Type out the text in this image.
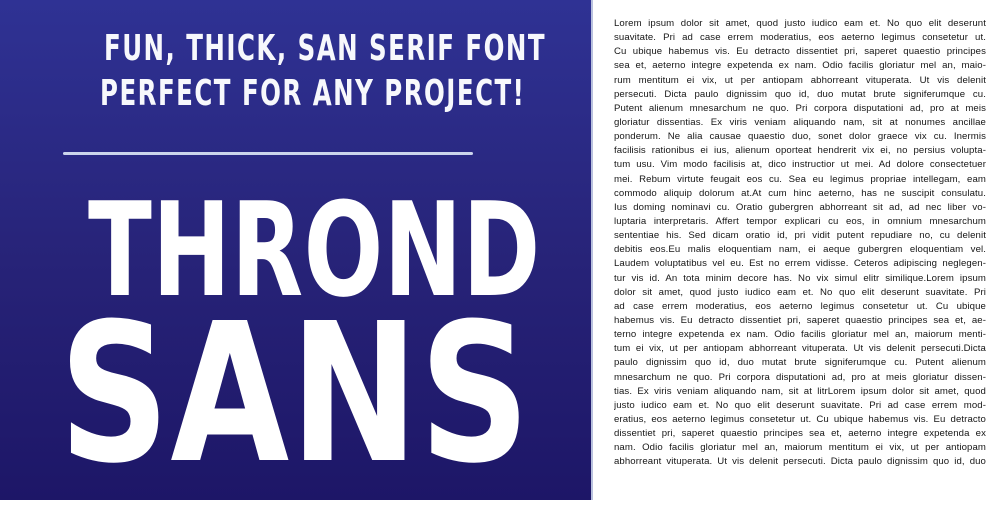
FUN, THICK, SAN SERIF FONT
PERFECT FOR ANY PROJECT!
THROND
SANS
Lorem ipsum dolor sit amet, quod justo iudico eam et. No quo elit deserunt
suavitate. Pri ad case errem moderatius, eos aeterno legimus consetetur ut.
Cu ubique habemus vis. Eu detracto dissentiet pri, saperet quaestio principes
sea et, aeterno integre expetenda ex nam. Odio facilis gloriatur mel an, maio-
rum mentitum ei vix, ut per antiopam abhorreant vituperata. Ut vis delenit
persecuti. Dicta paulo dignissim quo id, duo mutat brute signiferumque cu.
Putent alienum mnesarchum ne quo. Pri corpora disputationi ad, pro at meis
gloriatur dissentias. Ex viris veniam aliquando nam, sit at nonumes ancillae
ponderum. Ne alia causae quaestio duo, sonet dolor graece vix cu. Inermis
facilisis rationibus ei ius, alienum oporteat hendrerit vix ei, no persius volupta-
tum usu. Vim modo facilisis at, dico instructior ut mei. Ad dolore consectetuer
mei. Rebum virtute feugait eos cu. Sea eu legimus propriae intellegam, eam
commodo aliquip dolorum at.At cum hinc aeterno, has ne suscipit consulatu.
Ius doming nominavi cu. Oratio gubergren abhorreant sit ad, ad nec liber vo-
luptaria interpretaris. Affert tempor explicari cu eos, in omnium mnesarchum
sententiae his. Sed dicam oratio id, pri vidit putent repudiare no, cu delenit
debitis eos.Eu malis eloquentiam nam, ei aeque gubergren eloquentiam vel.
Laudem voluptatibus vel eu. Est no errem vidisse. Ceteros adipiscing neglegen-
tur vis id. An tota minim decore has. No vix simul elitr similique.Lorem ipsum
dolor sit amet, quod justo iudico eam et. No quo elit deserunt suavitate. Pri
ad case errem moderatius, eos aeterno legimus consetetur ut. Cu ubique
habemus vis. Eu detracto dissentiet pri, saperet quaestio principes sea et, ae-
terno integre expetenda ex nam. Odio facilis gloriatur mel an, maiorum menti-
tum ei vix, ut per antiopam abhorreant vituperata. Ut vis delenit persecuti.Dicta
paulo dignissim quo id, duo mutat brute signiferumque cu. Putent alienum
mnesarchum ne quo. Pri corpora disputationi ad, pro at meis gloriatur dissen-
tias. Ex viris veniam aliquando nam, sit at litrLorem ipsum dolor sit amet, quod
justo iudico eam et. No quo elit deserunt suavitate. Pri ad case errem mod-
eratius, eos aeterno legimus consetetur ut. Cu ubique habemus vis. Eu detracto
dissentiet pri, saperet quaestio principes sea et, aeterno integre expetenda ex
nam. Odio facilis gloriatur mel an, maiorum mentitum ei vix, ut per antiopam
abhorreant vituperata. Ut vis delenit persecuti. Dicta paulo dignissim quo id, duo
